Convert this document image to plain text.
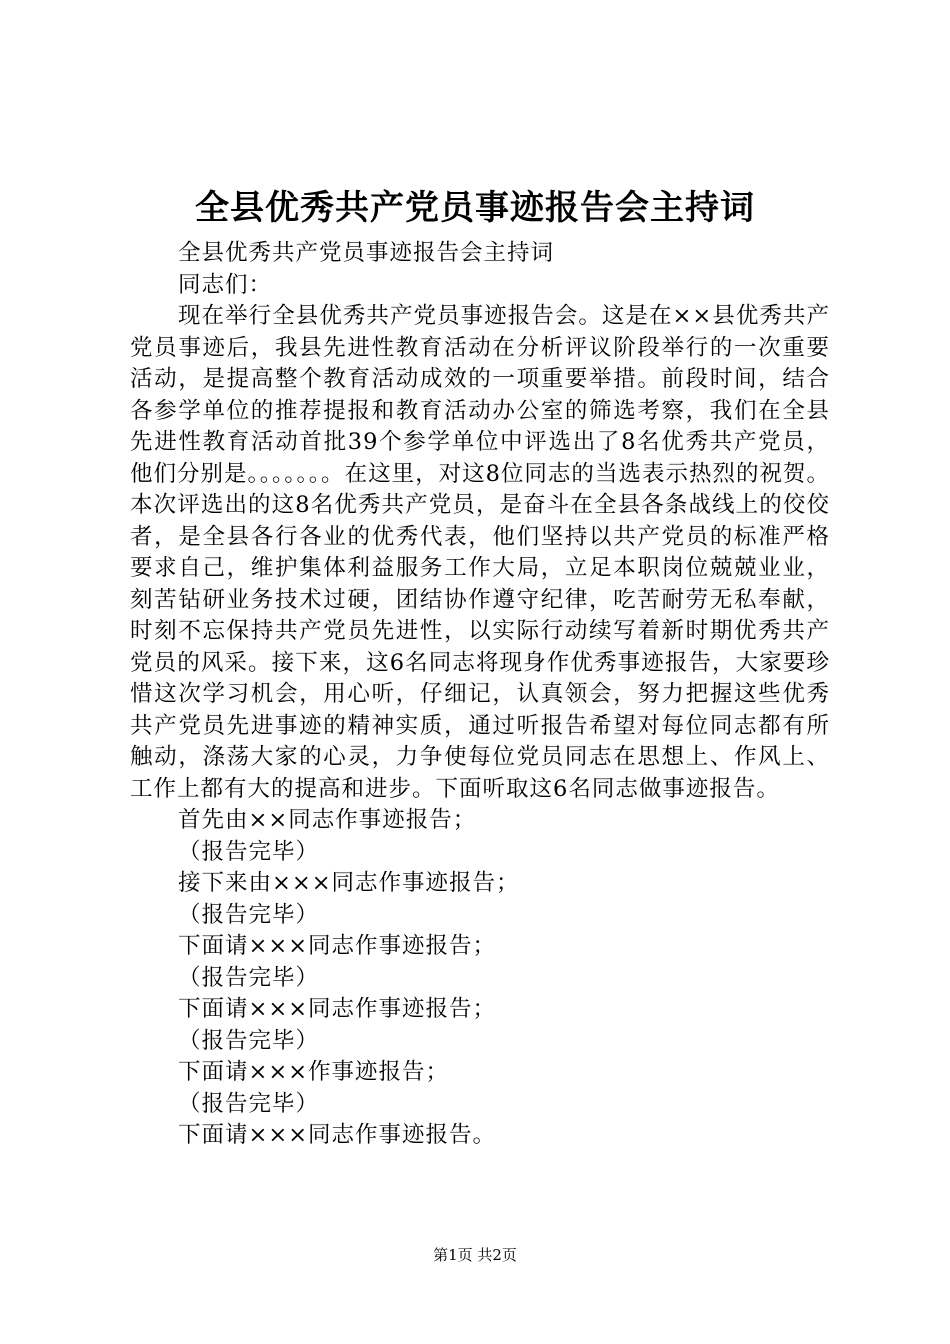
全县优秀共产党员事迹报告会主持词
全县优秀共产党员事迹报告会主持词
同志们：

现在举行全县优秀共产党员事迹报告会。这是在××县优秀共产党员事迹后，我县先进性教育活动在分析评议阶段举行的一次重要活动，是提高整个教育活动成效的一项重要举措。前段时间，结合各参学单位的推荐提报和教育活动办公室的筛选考察，我们在全县先进性教育活动首批39个参学单位中评选出了8名优秀共产党员，他们分别是。。。。。。。在这里，对这8位同志的当选表示热烈的祝贺。本次评选出的这8名优秀共产党员，是奋斗在全县各条战线上的佼佼者，是全县各行各业的优秀代表，他们坚持以共产党员的标准严格要求自己，维护集体利益服务工作大局，立足本职岗位兢兢业业，刻苦钻研业务技术过硬，团结协作遵守纪律，吃苦耐劳无私奉献，时刻不忘保持共产党员先进性，以实际行动续写着新时期优秀共产党员的风采。接下来，这6名同志将现身作优秀事迹报告，大家要珍惜这次学习机会，用心听，仔细记，认真领会，努力把握这些优秀共产党员先进事迹的精神实质，通过听报告希望对每位同志都有所触动，涤荡大家的心灵，力争使每位党员同志在思想上、作风上、工作上都有大的提高和进步。下面听取这6名同志做事迹报告。

首先由××同志作事迹报告；
（报告完毕）
接下来由×××同志作事迹报告；
（报告完毕）
下面请×××同志作事迹报告；
（报告完毕）
下面请×××同志作事迹报告；
（报告完毕）
下面请×××作事迹报告；
（报告完毕）
下面请×××同志作事迹报告。
第1页 共2页
